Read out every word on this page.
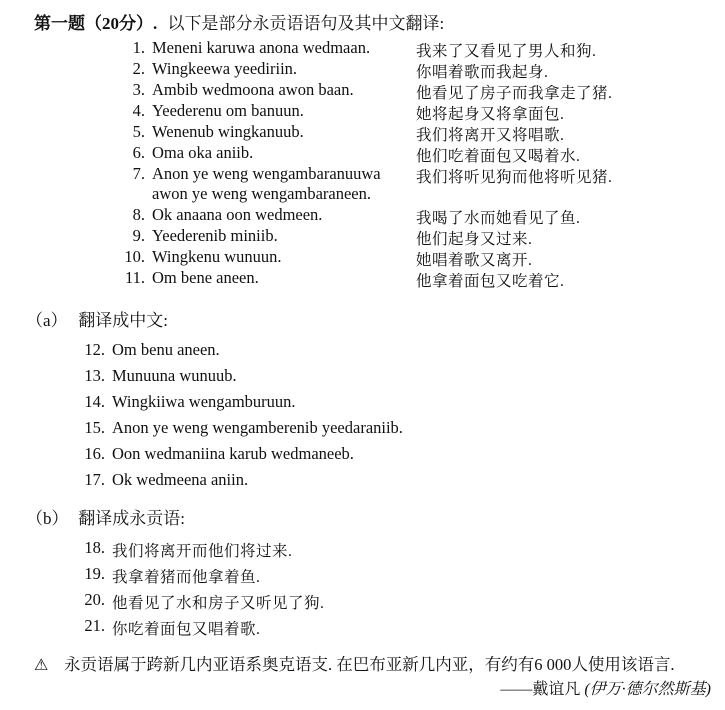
第一题（20分）. 以下是部分永贡语语句及其中文翻译:
1. Meneni karuwa anona wedmaan.	我来了又看见了男人和狗.
2. Wingkeewa yeediriin.	你唱着歌而我起身.
3. Ambib wedmoona awon baan.	他看见了房子而我拿走了猪.
4. Yeederenu om banuun.	她将起身又将拿面包.
5. Wenenub wingkanuub.	我们将离开又将唱歌.
6. Oma oka aniib.	他们吃着面包又喝着水.
7. Anon ye weng wengambaranuuwa 我们将听见狗而他将听见猪.
awon ye weng wengambaraneen.
8. Ok anaana oon wedmeen.	我喝了水而她看见了鱼.
9. Yeederenib miniib.	他们起身又过来.
10. Wingkenu wunuun.	她唱着歌又离开.
11. Om bene aneen.	他拿着面包又吃着它.
（a） 翻译成中文:
12. Om benu aneen.
13. Munuuna wunuub.
14. Wingkiiwa wengamburuun.
15. Anon ye weng wengamberenib yeedaraniib.
16. Oon wedmaniina karub wedmaneeb.
17. Ok wedmeena aniin.
（b） 翻译成永贡语:
18. 我们将离开而他们将过来.
19. 我拿着猪而他拿着鱼.
20. 他看见了水和房子又听见了狗.
21. 你吃着面包又唱着歌.
⚠ 永贡语属于跨新几内亚语系奥克语支. 在巴布亚新几内亚，有约有6 000人使用该语言.
——戴谊凡 (伊万·德尔然斯基)
